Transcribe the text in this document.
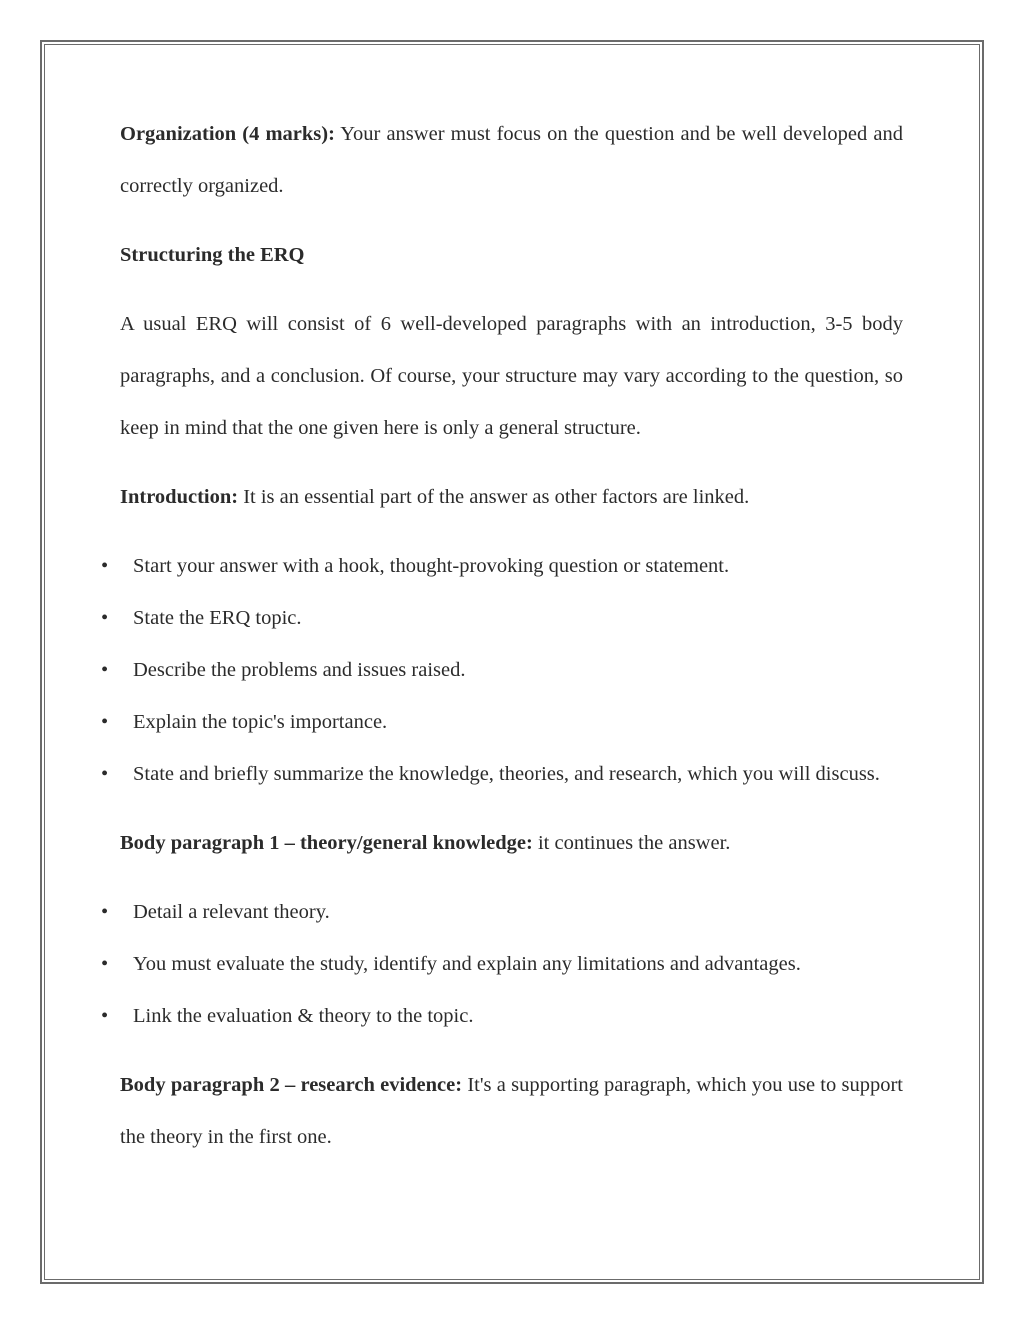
Organization (4 marks): Your answer must focus on the question and be well developed and correctly organized.

Structuring the ERQ

A usual ERQ will consist of 6 well-developed paragraphs with an introduction, 3-5 body paragraphs, and a conclusion. Of course, your structure may vary according to the question, so keep in mind that the one given here is only a general structure.

Introduction: It is an essential part of the answer as other factors are linked.

• Start your answer with a hook, thought-provoking question or statement.
• State the ERQ topic.
• Describe the problems and issues raised.
• Explain the topic's importance.
• State and briefly summarize the knowledge, theories, and research, which you will discuss.

Body paragraph 1 – theory/general knowledge: it continues the answer.

• Detail a relevant theory.
• You must evaluate the study, identify and explain any limitations and advantages.
• Link the evaluation & theory to the topic.

Body paragraph 2 – research evidence: It's a supporting paragraph, which you use to support the theory in the first one.
